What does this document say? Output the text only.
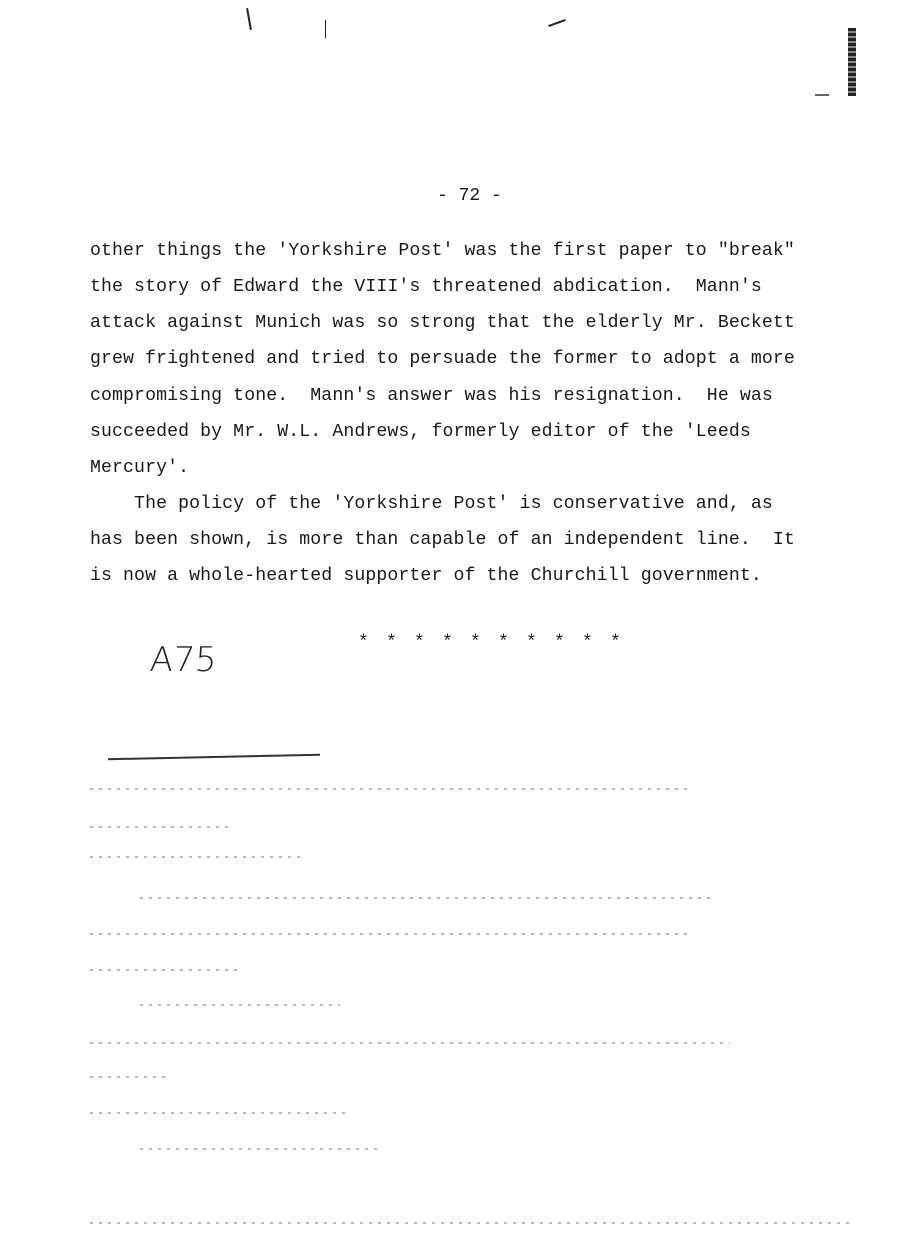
- 72 -
other things the 'Yorkshire Post' was the first paper to "break"
the story of Edward the VIII's threatened abdication.  Mann's
attack against Munich was so strong that the elderly Mr. Beckett
grew frightened and tried to persuade the former to adopt a more
compromising tone.  Mann's answer was his resignation.  He was
succeeded by Mr. W.L. Andrews, formerly editor of the 'Leeds
Mercury'.
The policy of the 'Yorkshire Post' is conservative and, as
has been shown, is more than capable of an independent line.  It
is now a whole-hearted supporter of the Churchill government.
* * * * * * * * * *
A75
